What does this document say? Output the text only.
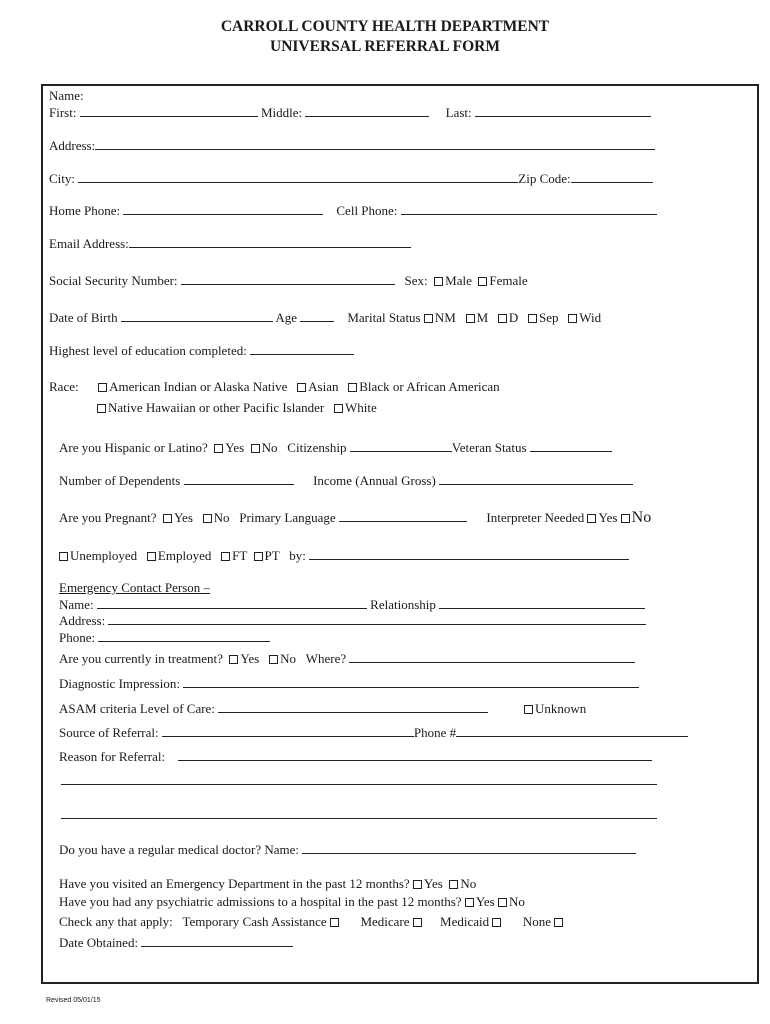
CARROLL COUNTY HEALTH DEPARTMENT
UNIVERSAL REFERRAL FORM
Name:
First:	Middle:	Last:
Address:
City:	Zip Code:
Home Phone:	Cell Phone:
Email Address:
Social Security Number:	Sex: Male Female
Date of Birth	Age	Marital Status NM M D Sep Wid
Highest level of education completed:
Race: American Indian or Alaska Native Asian Black or African American
Native Hawaiian or other Pacific Islander White
Are you Hispanic or Latino? Yes No Citizenship	Veteran Status
Number of Dependents	Income (Annual Gross)
Are you Pregnant? Yes No Primary Language	Interpreter Needed Yes No
Unemployed Employed FT PT by:
Emergency Contact Person –
Name:	Relationship
Address:
Phone:
Are you currently in treatment? Yes No Where?
Diagnostic Impression:
ASAM criteria Level of Care:	Unknown
Source of Referral:	Phone #
Reason for Referral:
Do you have a regular medical doctor? Name:
Have you visited an Emergency Department in the past 12 months? Yes No
Have you had any psychiatric admissions to a hospital in the past 12 months? Yes No
Check any that apply: Temporary Cash Assistance	Medicare Medicaid	None
Date Obtained:
Revised 05/01/15
